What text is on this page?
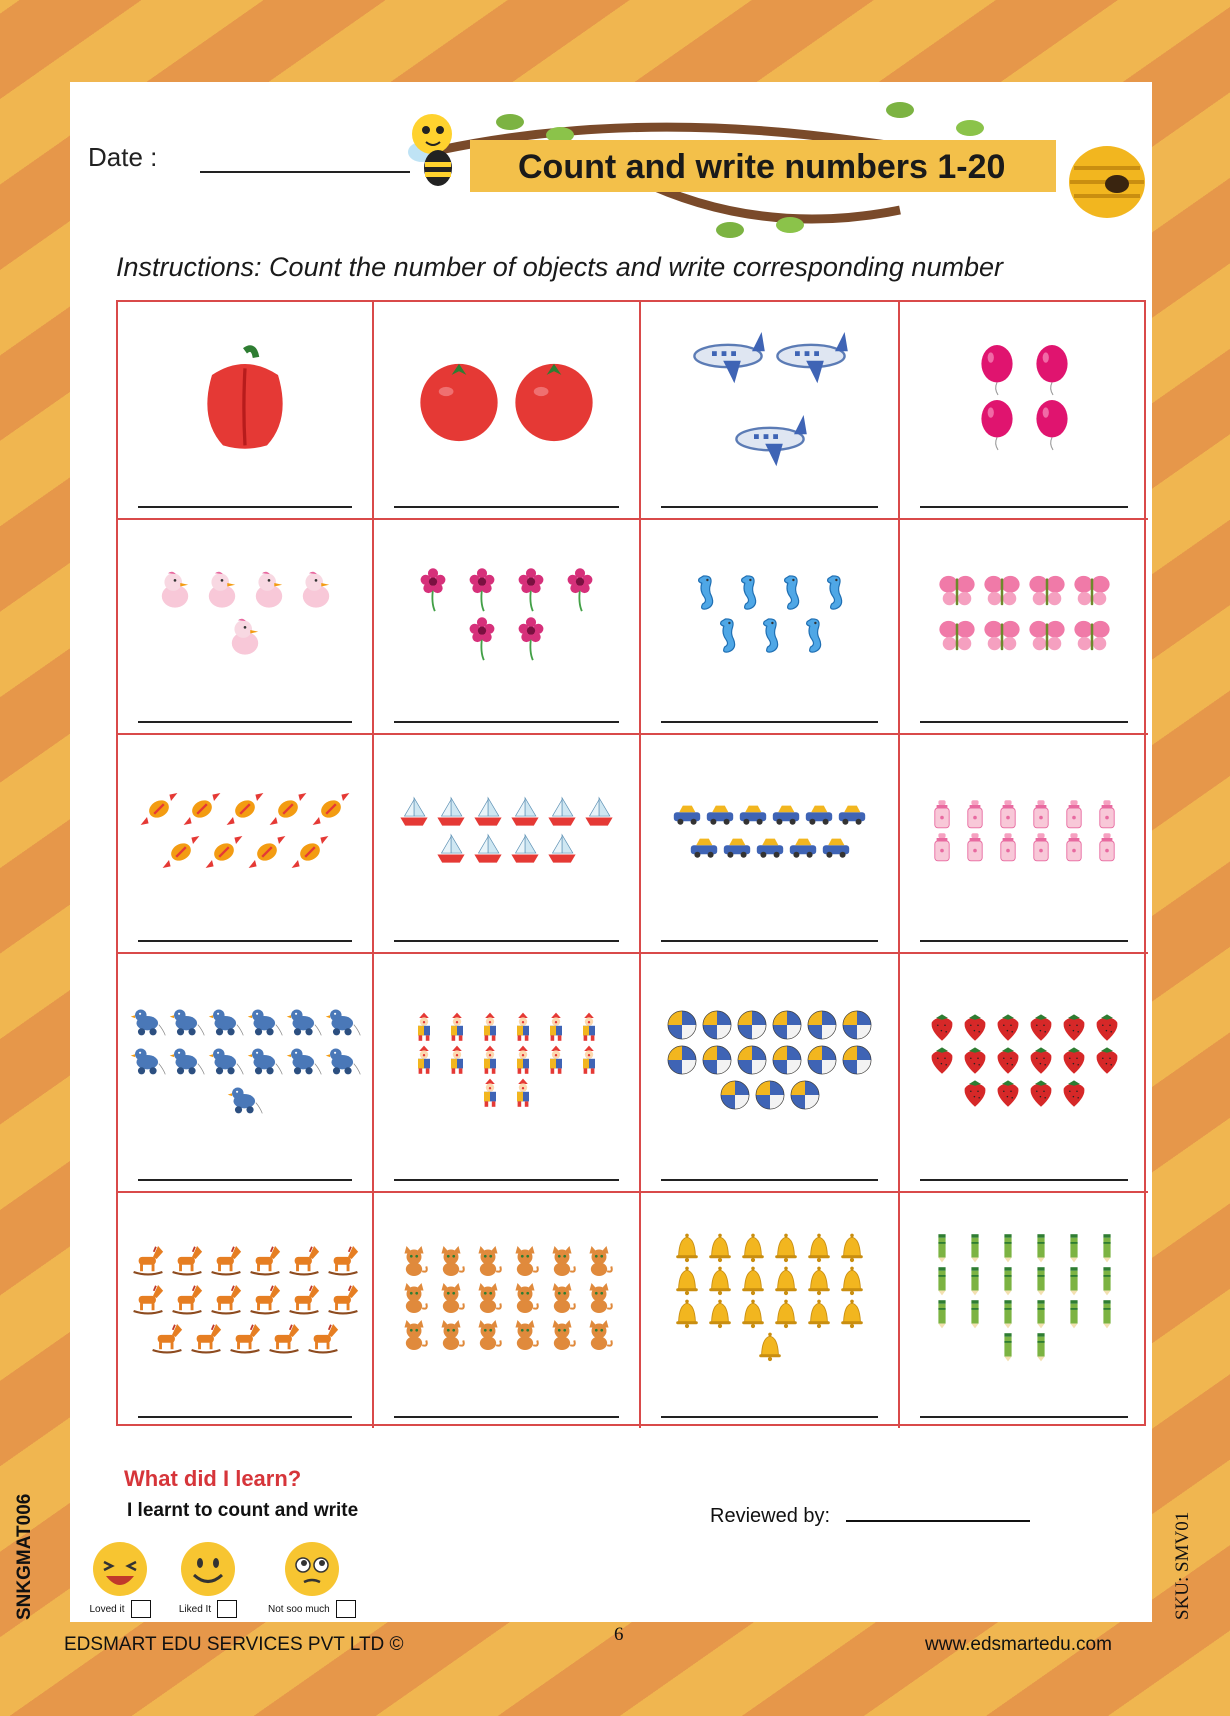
Date :	Count and write numbers 1-20
Instructions: Count the number of objects and write corresponding number
What did I learn?
I learnt to count and write	Reviewed by:
Loved it	Liked It	Not soo much
SNKGMAT006	SKU: SMV01
EDSMART EDU SERVICES PVT LTD ©	6	www.edsmartedu.com
